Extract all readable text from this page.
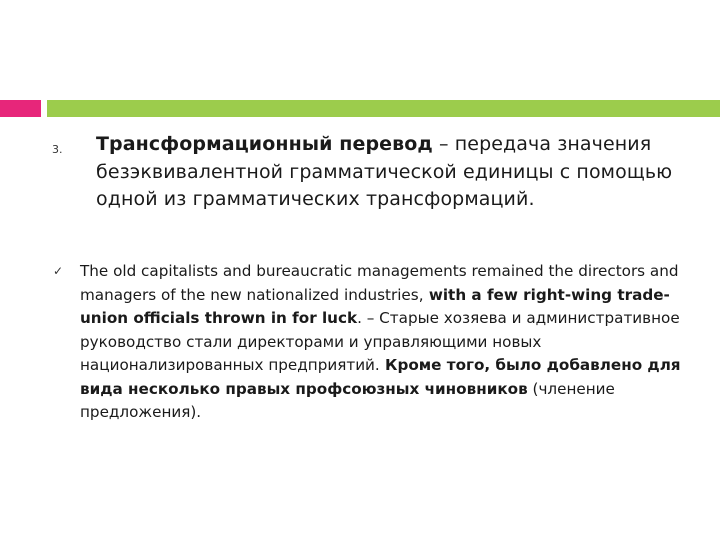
3. Трансформационный перевод – передача значения безэквивалентной грамматической единицы с помощью одной из грамматических трансформаций.
✓ The old capitalists and bureaucratic managements remained the directors and managers of the new nationalized industries, with a few right-wing trade-union officials thrown in for luck. – Старые хозяева и административное руководство стали директорами и управляющими новых национализированных предприятий. Кроме того, было добавлено для вида несколько правых профсоюзных чиновников (членение предложения).
